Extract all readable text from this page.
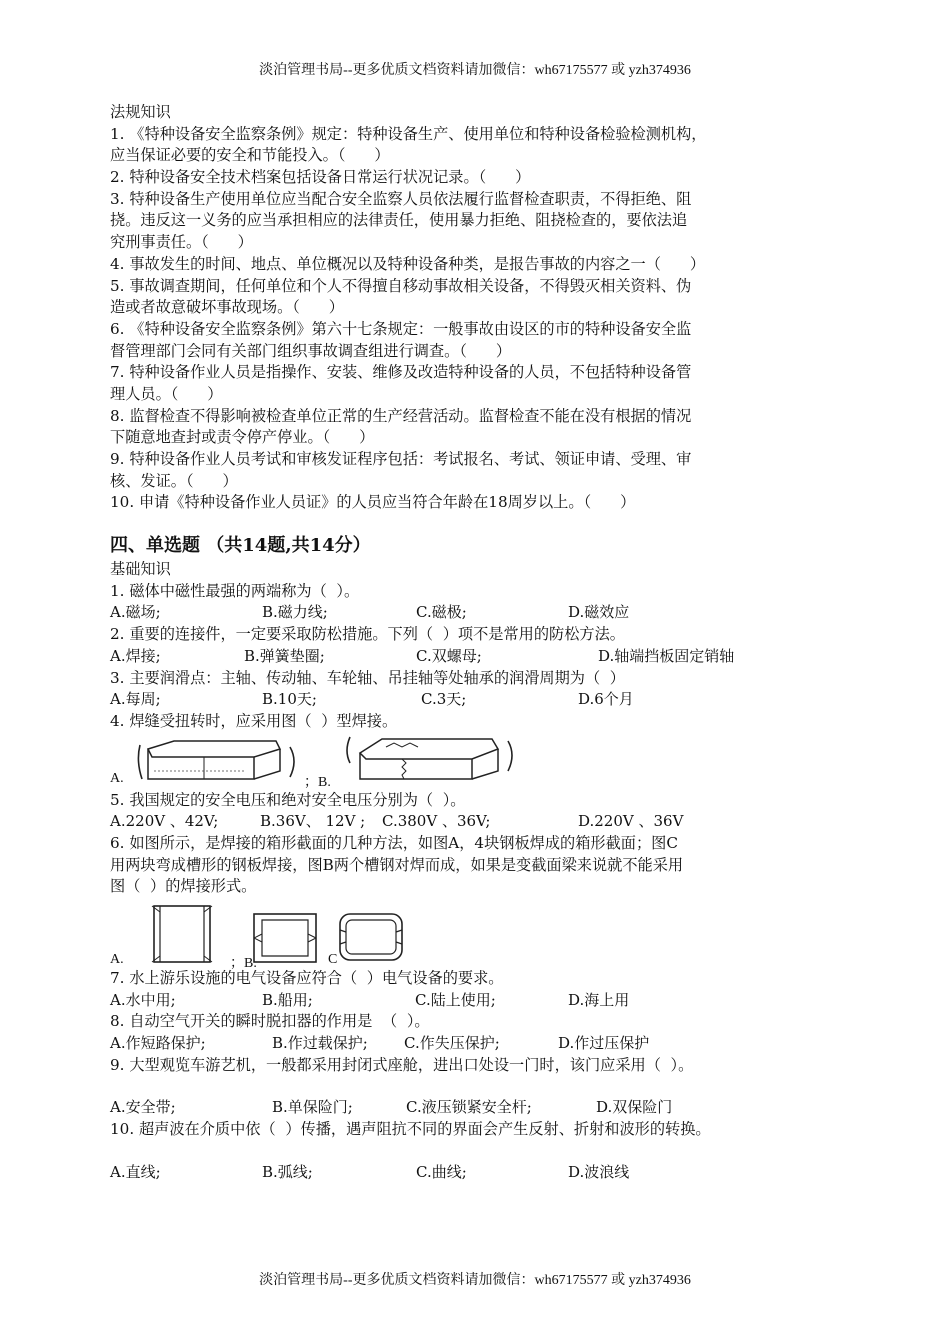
淡泊管理书局--更多优质文档资料请加微信：wh67175577 或 yzh374936
法规知识
1. 《特种设备安全监察条例》规定：特种设备生产、使用单位和特种设备检验检测机构，
应当保证必要的安全和节能投入。（      ）
2. 特种设备安全技术档案包括设备日常运行状况记录。（      ）
3. 特种设备生产使用单位应当配合安全监察人员依法履行监督检查职责，不得拒绝、阻
挠。违反这一义务的应当承担相应的法律责任，使用暴力拒绝、阻挠检查的，要依法追
究刑事责任。（      ）
4. 事故发生的时间、地点、单位概况以及特种设备种类，是报告事故的内容之一（      ）
5. 事故调查期间，任何单位和个人不得擅自移动事故相关设备，不得毁灭相关资料、伪
造或者故意破坏事故现场。（      ）
6. 《特种设备安全监察条例》第六十七条规定：一般事故由设区的市的特种设备安全监
督管理部门会同有关部门组织事故调查组进行调查。（      ）
7. 特种设备作业人员是指操作、安装、维修及改造特种设备的人员，不包括特种设备管
理人员。（      ）
8. 监督检查不得影响被检查单位正常的生产经营活动。监督检查不能在没有根据的情况
下随意地查封或责令停产停业。（      ）
9. 特种设备作业人员考试和审核发证程序包括：考试报名、考试、领证申请、受理、审
核、发证。（      ）
10. 申请《特种设备作业人员证》的人员应当符合年龄在18周岁以上。（      ）
四、单选题 （共14题,共14分）
基础知识
1. 磁体中磁性最强的两端称为（  ）。
A.磁场;	B.磁力线;	C.磁极;	D.磁效应
2. 重要的连接件，一定要采取防松措施。下列（  ）项不是常用的防松方法。
A.焊接;	B.弹簧垫圈;	C.双螺母;	D.轴端挡板固定销轴
3. 主要润滑点：主轴、传动轴、车轮轴、吊挂轴等处轴承的润滑周期为（  ）
A.每周;	B.10天;	C.3天;	D.6个月
4. 焊缝受扭转时，应采用图（  ）型焊接。
A.	；B.
5. 我国规定的安全电压和绝对安全电压分别为（  ）。
A.220V 、42V;	B.36V、 12V ;	C.380V 、36V;	D.220V 、36V
6. 如图所示，是焊接的箱形截面的几种方法，如图A，4块钢板焊成的箱形截面；图C
用两块弯成槽形的钢板焊接，图B两个槽钢对焊而成，如果是变截面梁来说就不能采用
图（  ）的焊接形式。
A.	；B.	C
7. 水上游乐设施的电气设备应符合（  ）电气设备的要求。
A.水中用;	B.船用;	C.陆上使用;	D.海上用
8. 自动空气开关的瞬时脱扣器的作用是  （  ）。
A.作短路保护;	B.作过载保护;	C.作失压保护;	D.作过压保护
9. 大型观览车游艺机，一般都采用封闭式座舱，进出口处设一门时，该门应采用（  ）。
A.安全带;	B.单保险门;	C.液压锁紧安全杆;	D.双保险门
10. 超声波在介质中依（  ）传播，遇声阻抗不同的界面会产生反射、折射和波形的转换。
A.直线;	B.弧线;	C.曲线;	D.波浪线
淡泊管理书局--更多优质文档资料请加微信：wh67175577 或 yzh374936
